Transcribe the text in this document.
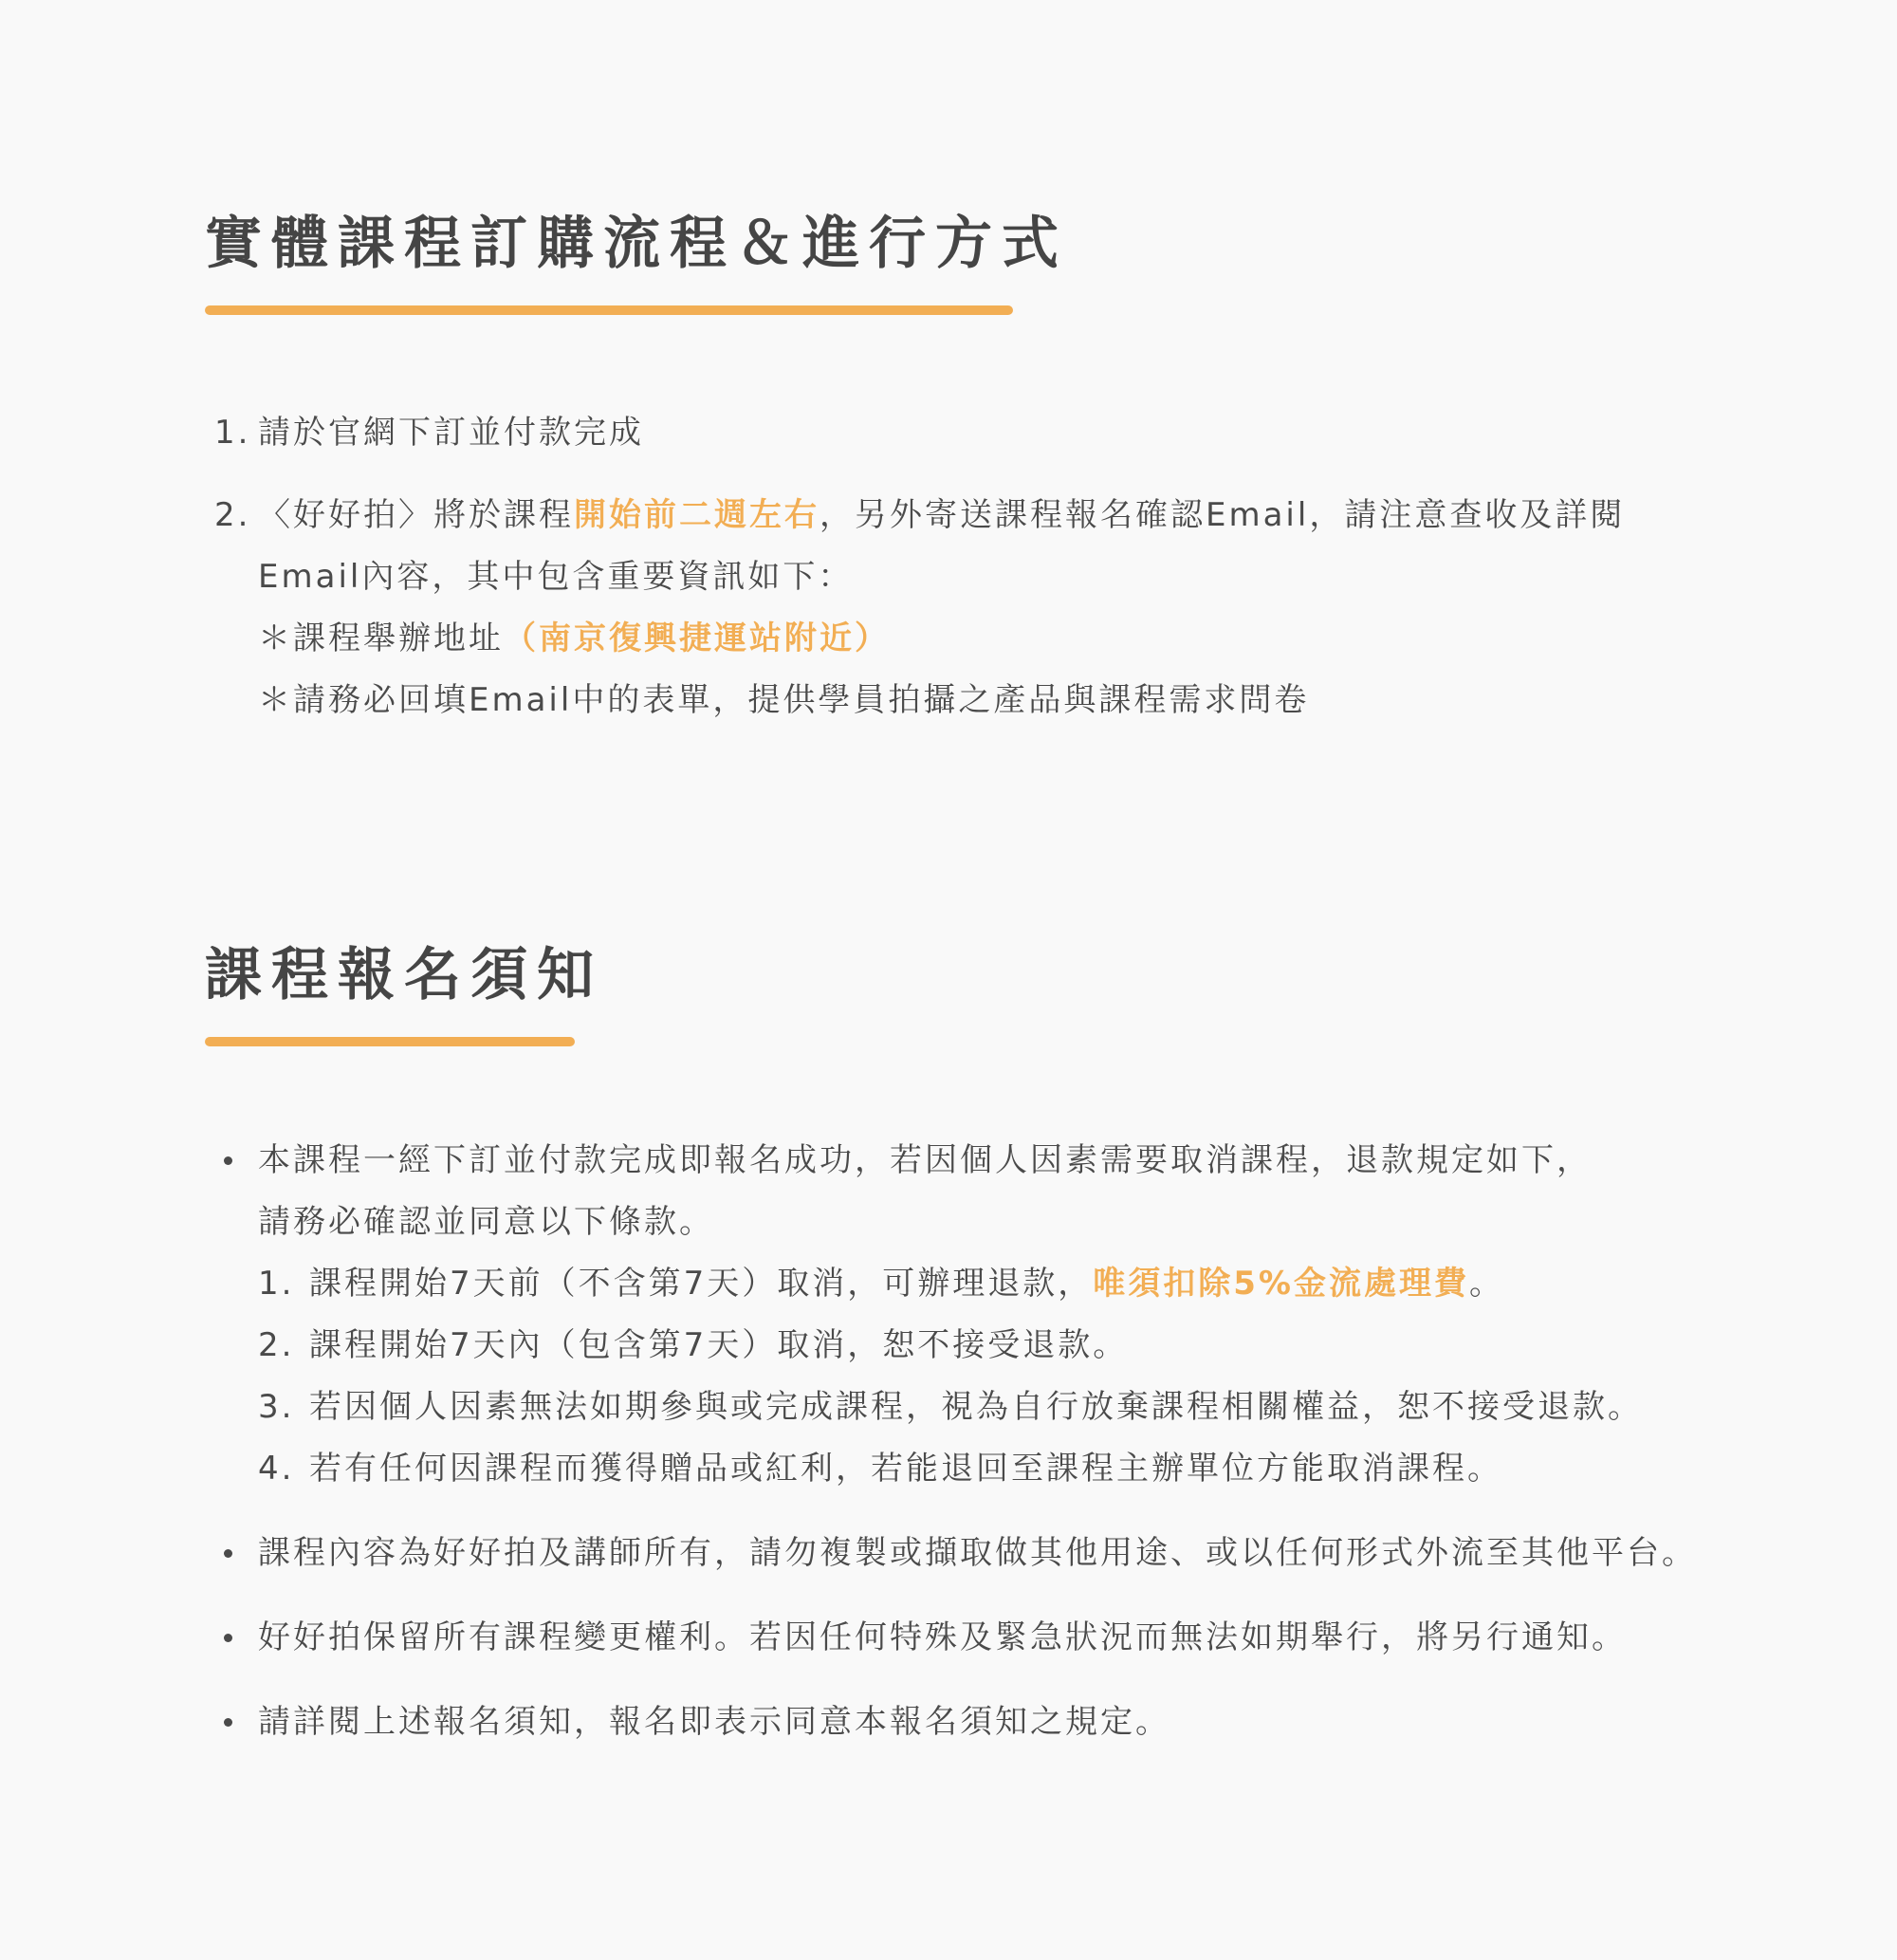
實體課程訂購流程＆進行方式
1. 請於官網下訂並付款完成
2. 〈好好拍〉將於課程開始前二週左右，另外寄送課程報名確認Email，請注意查收及詳閱
Email內容，其中包含重要資訊如下：
＊課程舉辦地址（南京復興捷運站附近）
＊請務必回填Email中的表單，提供學員拍攝之產品與課程需求問卷
課程報名須知
本課程一經下訂並付款完成即報名成功，若因個人因素需要取消課程，退款規定如下，
請務必確認並同意以下條款。
1. 課程開始7天前（不含第7天）取消，可辦理退款，唯須扣除5%金流處理費。
2. 課程開始7天內（包含第7天）取消，恕不接受退款。
3. 若因個人因素無法如期參與或完成課程，視為自行放棄課程相關權益，恕不接受退款。
4. 若有任何因課程而獲得贈品或紅利，若能退回至課程主辦單位方能取消課程。
課程內容為好好拍及講師所有，請勿複製或擷取做其他用途、或以任何形式外流至其他平台。
好好拍保留所有課程變更權利。若因任何特殊及緊急狀況而無法如期舉行，將另行通知。
請詳閱上述報名須知，報名即表示同意本報名須知之規定。
